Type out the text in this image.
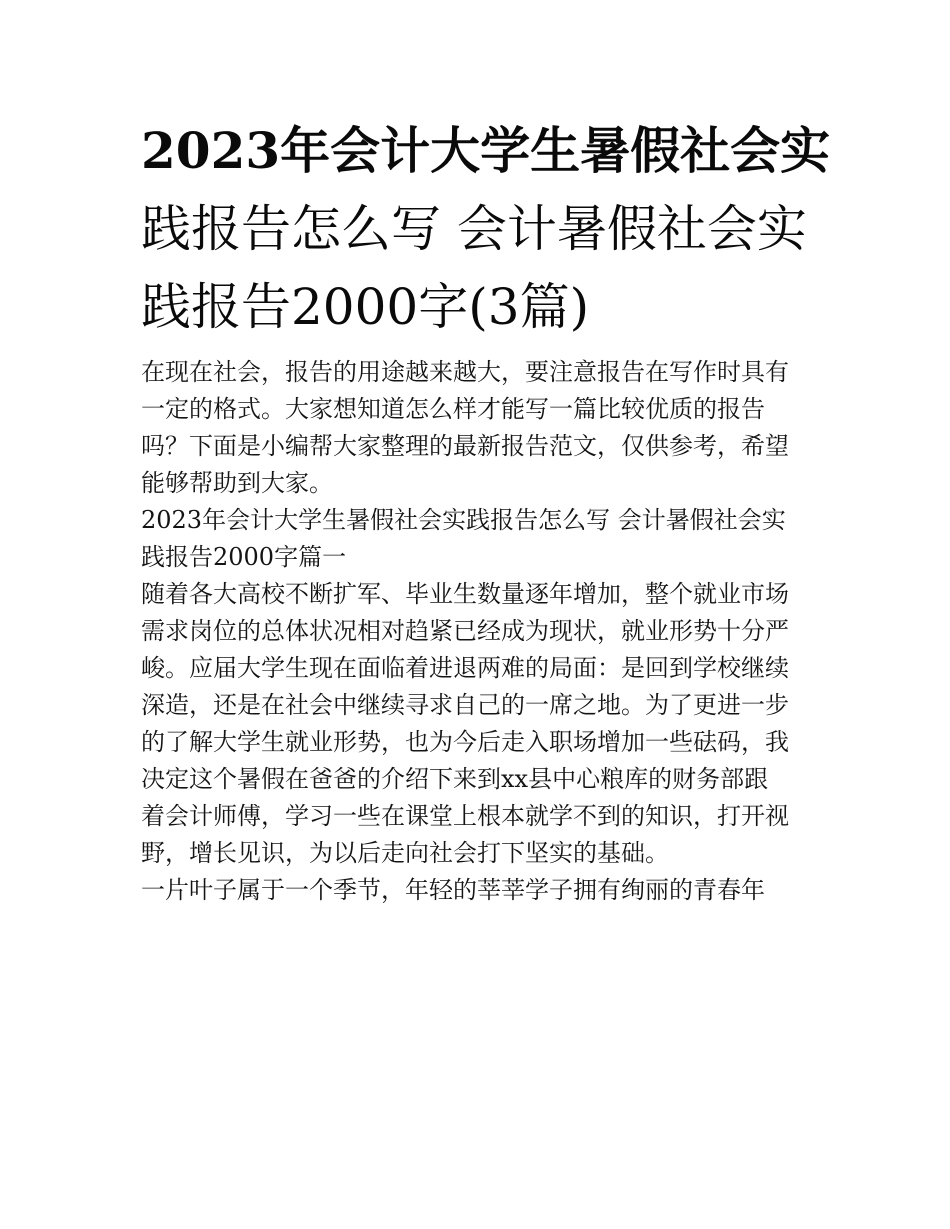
2023年会计大学生暑假社会实
践报告怎么写 会计暑假社会实
践报告2000字(3篇)

在现在社会，报告的用途越来越大，要注意报告在写作时具有
一定的格式。大家想知道怎么样才能写一篇比较优质的报告
吗？下面是小编帮大家整理的最新报告范文，仅供参考，希望
能够帮助到大家。

2023年会计大学生暑假社会实践报告怎么写 会计暑假社会实
践报告2000字篇一

随着各大高校不断扩军、毕业生数量逐年增加，整个就业市场
需求岗位的总体状况相对趋紧已经成为现状，就业形势十分严
峻。应届大学生现在面临着进退两难的局面：是回到学校继续
深造，还是在社会中继续寻求自己的一席之地。为了更进一步
的了解大学生就业形势，也为今后走入职场增加一些砝码，我
决定这个暑假在爸爸的介绍下来到xx县中心粮库的财务部跟
着会计师傅，学习一些在课堂上根本就学不到的知识，打开视
野，增长见识，为以后走向社会打下坚实的基础。

一片叶子属于一个季节，年轻的莘莘学子拥有绚丽的青春年
